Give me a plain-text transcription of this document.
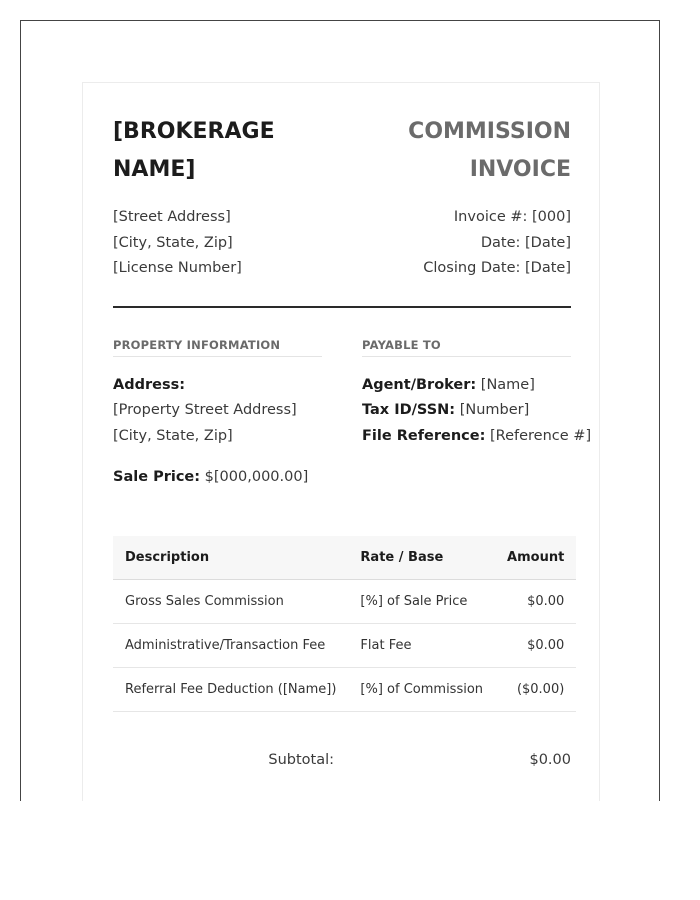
[BROKERAGE NAME]
COMMISSION INVOICE
[Street Address]
[City, State, Zip]
[License Number]
Invoice #: [000]
Date: [Date]
Closing Date: [Date]
PROPERTY INFORMATION
Address:
[Property Street Address]
[City, State, Zip]
Sale Price: $[000,000.00]
PAYABLE TO
Agent/Broker: [Name]
Tax ID/SSN: [Number]
File Reference: [Reference #]
Description	Rate / Base	Amount
Gross Sales Commission	[%] of Sale Price	$0.00
Administrative/Transaction Fee	Flat Fee	$0.00
Referral Fee Deduction ([Name])	[%] of Commission	($0.00)
Subtotal:	$0.00
